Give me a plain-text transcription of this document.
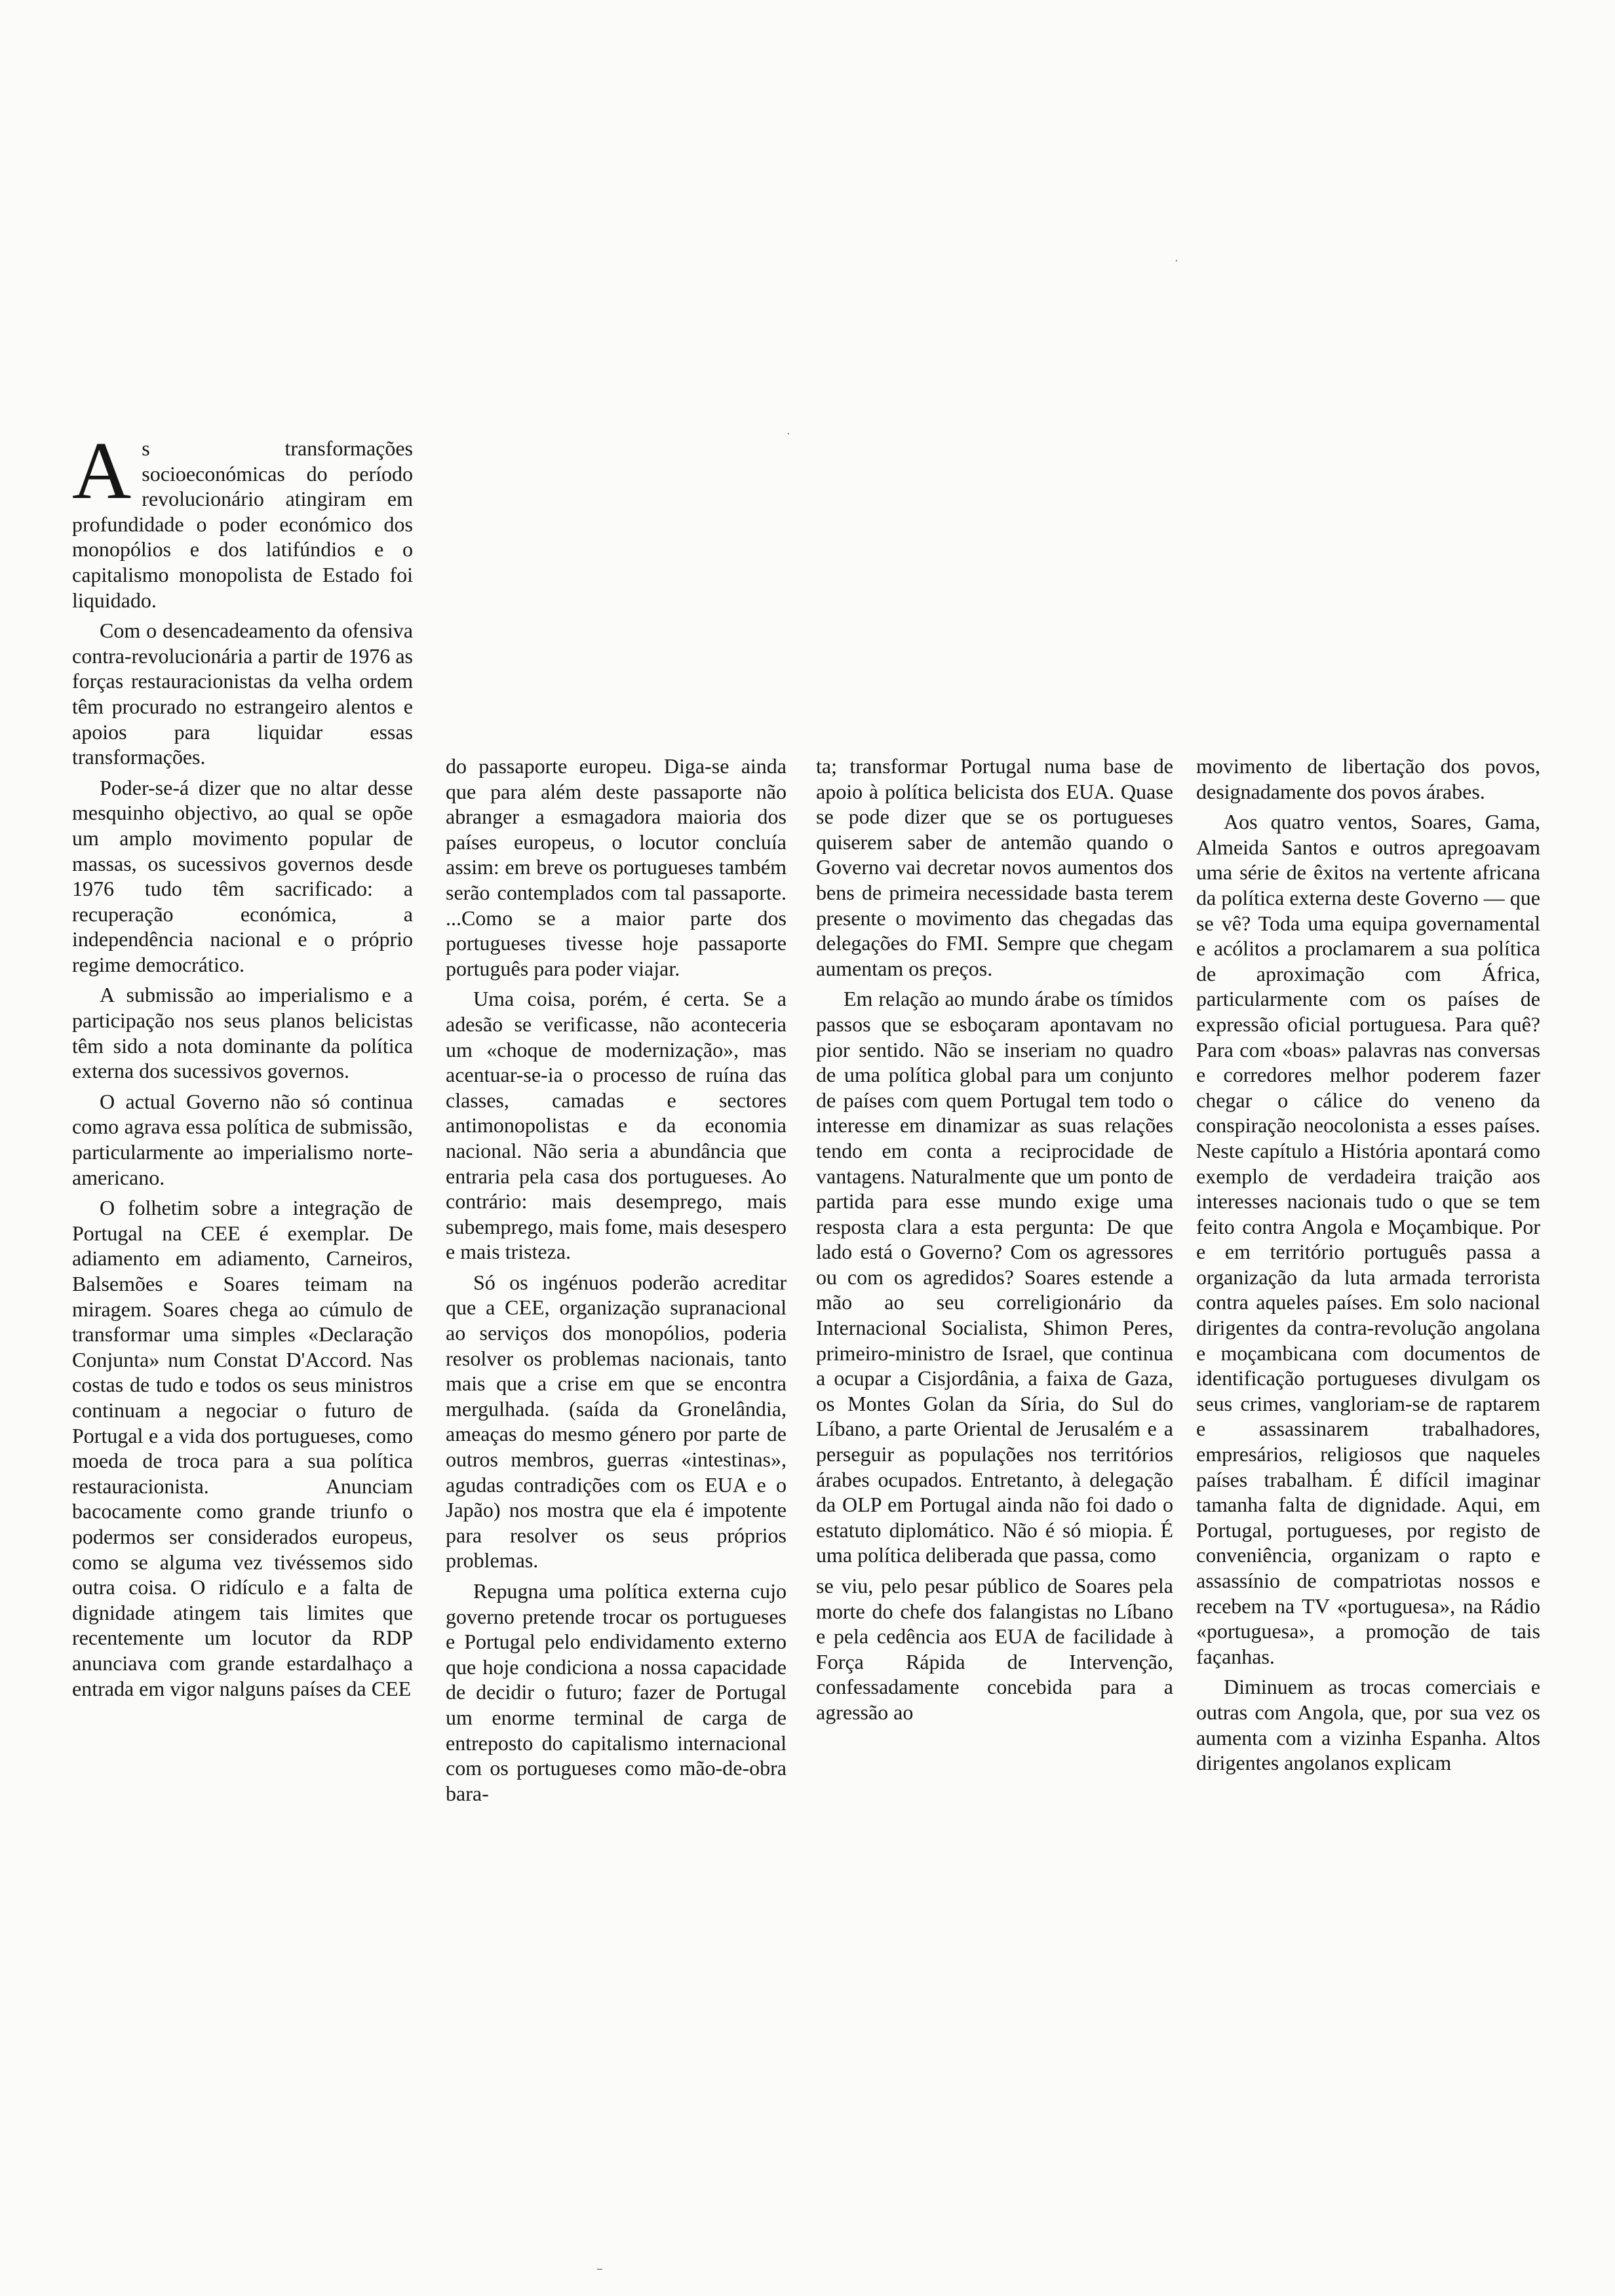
As transformações socioeconómicas do período revolucionário atingiram em profundidade o poder económico dos monopólios e dos latifúndios e o capitalismo monopolista de Estado foi liquidado.

Com o desencadeamento da ofensiva contra-revolucionária a partir de 1976 as forças restauracionistas da velha ordem têm procurado no estrangeiro alentos e apoios para liquidar essas transformações.

Poder-se-á dizer que no altar desse mesquinho objectivo, ao qual se opõe um amplo movimento popular de massas, os sucessivos governos desde 1976 tudo têm sacrificado: a recuperação económica, a independência nacional e o próprio regime democrático.

A submissão ao imperialismo e a participação nos seus planos belicistas têm sido a nota dominante da política externa dos sucessivos governos.

O actual Governo não só continua como agrava essa política de submissão, particularmente ao imperialismo norte-americano.

O folhetim sobre a integração de Portugal na CEE é exemplar. De adiamento em adiamento, Carneiros, Balsemões e Soares teimam na miragem. Soares chega ao cúmulo de transformar uma simples «Declaração Conjunta» num Constat D'Accord. Nas costas de tudo e todos os seus ministros continuam a negociar o futuro de Portugal e a vida dos portugueses, como moeda de troca para a sua política restauracionista. Anunciam bacocamente como grande triunfo o podermos ser considerados europeus, como se alguma vez tivéssemos sido outra coisa. O ridículo e a falta de dignidade atingem tais limites que recentemente um locutor da RDP anunciava com grande estardalhaço a entrada em vigor nalguns países da CEE

do passaporte europeu. Diga-se ainda que para além deste passaporte não abranger a esmagadora maioria dos países europeus, o locutor concluía assim: em breve os portugueses também serão contemplados com tal passaporte. ...Como se a maior parte dos portugueses tivesse hoje passaporte português para poder viajar.

Uma coisa, porém, é certa. Se a adesão se verificasse, não aconteceria um «choque de modernização», mas acentuar-se-ia o processo de ruína das classes, camadas e sectores antimonopolistas e da economia nacional. Não seria a abundância que entraria pela casa dos portugueses. Ao contrário: mais desemprego, mais subemprego, mais fome, mais desespero e mais tristeza.

Só os ingénuos poderão acreditar que a CEE, organização supranacional ao serviços dos monopólios, poderia resolver os problemas nacionais, tanto mais que a crise em que se encontra mergulhada. (saída da Gronelândia, ameaças do mesmo género por parte de outros membros, guerras «intestinas», agudas contradições com os EUA e o Japão) nos mostra que ela é impotente para resolver os seus próprios problemas.

Repugna uma política externa cujo governo pretende trocar os portugueses e Portugal pelo endividamento externo que hoje condiciona a nossa capacidade de decidir o futuro; fazer de Portugal um enorme terminal de carga de entreposto do capitalismo internacional com os portugueses como mão-de-obra bara-

ta; transformar Portugal numa base de apoio à política belicista dos EUA. Quase se pode dizer que se os portugueses quiserem saber de antemão quando o Governo vai decretar novos aumentos dos bens de primeira necessidade basta terem presente o movimento das chegadas das delegações do FMI. Sempre que chegam aumentam os preços.

Em relação ao mundo árabe os tímidos passos que se esboçaram apontavam no pior sentido. Não se inseriam no quadro de uma política global para um conjunto de países com quem Portugal tem todo o interesse em dinamizar as suas relações tendo em conta a reciprocidade de vantagens. Naturalmente que um ponto de partida para esse mundo exige uma resposta clara a esta pergunta: De que lado está o Governo? Com os agressores ou com os agredidos? Soares estende a mão ao seu correligionário da Internacional Socialista, Shimon Peres, primeiro-ministro de Israel, que continua a ocupar a Cisjordânia, a faixa de Gaza, os Montes Golan da Síria, do Sul do Líbano, a parte Oriental de Jerusalém e a perseguir as populações nos territórios árabes ocupados. Entretanto, à delegação da OLP em Portugal ainda não foi dado o estatuto diplomático. Não é só miopia. É uma política deliberada que passa, como

se viu, pelo pesar público de Soares pela morte do chefe dos falangistas no Líbano e pela cedência aos EUA de facilidade à Força Rápida de Intervenção, confessadamente concebida para a agressão ao

movimento de libertação dos povos, designadamente dos povos árabes.

Aos quatro ventos, Soares, Gama, Almeida Santos e outros apregoavam uma série de êxitos na vertente africana da política externa deste Governo — que se vê? Toda uma equipa governamental e acólitos a proclamarem a sua política de aproximação com África, particularmente com os países de expressão oficial portuguesa. Para quê? Para com «boas» palavras nas conversas e corredores melhor poderem fazer chegar o cálice do veneno da conspiração neocolonista a esses países. Neste capítulo a História apontará como exemplo de verdadeira traição aos interesses nacionais tudo o que se tem feito contra Angola e Moçambique. Por e em território português passa a organização da luta armada terrorista contra aqueles países. Em solo nacional dirigentes da contra-revolução angolana e moçambicana com documentos de identificação portugueses divulgam os seus crimes, vangloriam-se de raptarem e assassinarem trabalhadores, empresários, religiosos que naqueles países trabalham. É difícil imaginar tamanha falta de dignidade. Aqui, em Portugal, portugueses, por registo de conveniência, organizam o rapto e assassínio de compatriotas nossos e recebem na TV «portuguesa», na Rádio «portuguesa», a promoção de tais façanhas.

Diminuem as trocas comerciais e outras com Angola, que, por sua vez os aumenta com a vizinha Espanha. Altos dirigentes angolanos explicam

·
·
–
